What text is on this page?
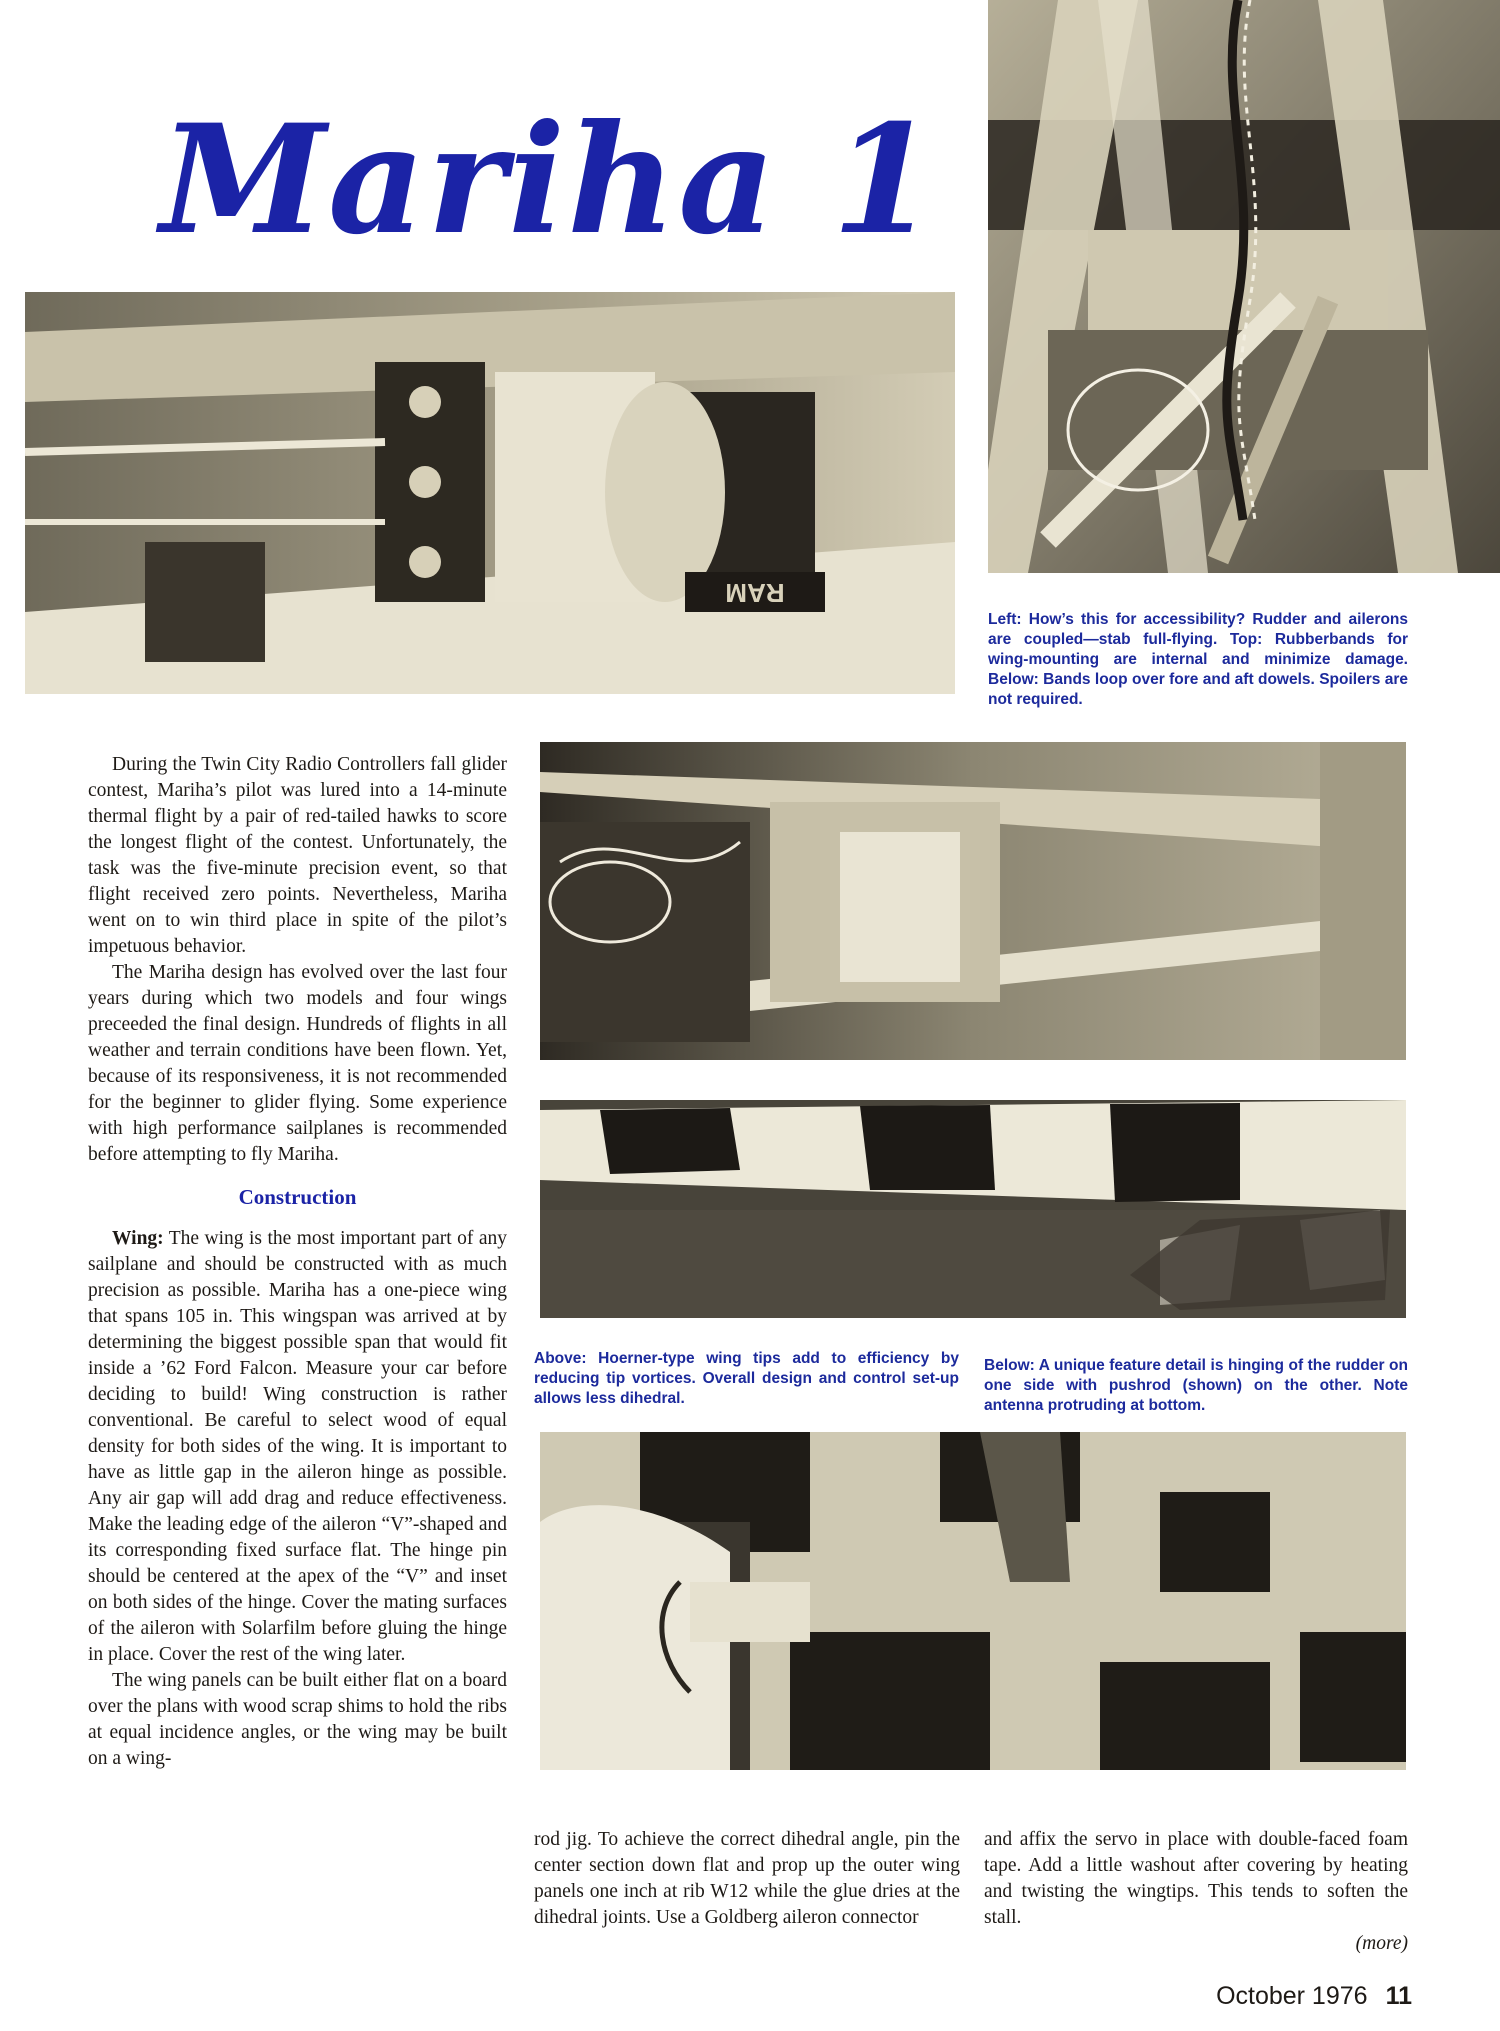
Mariha 1
RAM

Left: How’s this for accessibility? Rudder and ailerons are coupled—stab full-flying. Top: Rubberbands for wing-mounting are internal and minimize damage. Below: Bands loop over fore and aft dowels. Spoilers are not required.

Above: Hoerner-type wing tips add to efficiency by reducing tip vortices. Overall design and control set-up allows less dihedral.

Below: A unique feature detail is hinging of the rudder on one side with pushrod (shown) on the other. Note antenna protruding at bottom.

During the Twin City Radio Controllers fall glider contest, Mariha’s pilot was lured into a 14-minute thermal flight by a pair of red-tailed hawks to score the longest flight of the contest. Unfortunately, the task was the five-minute precision event, so that flight received zero points. Nevertheless, Mariha went on to win third place in spite of the pilot’s impetuous behavior.

The Mariha design has evolved over the last four years during which two models and four wings preceeded the final design. Hundreds of flights in all weather and terrain conditions have been flown. Yet, because of its responsiveness, it is not recommended for the beginner to glider flying. Some experience with high performance sailplanes is recommended before attempting to fly Mariha.

Construction

Wing: The wing is the most important part of any sailplane and should be constructed with as much precision as possible. Mariha has a one-piece wing that spans 105 in. This wingspan was arrived at by determining the biggest possible span that would fit inside a ’62 Ford Falcon. Measure your car before deciding to build! Wing construction is rather conventional. Be careful to select wood of equal density for both sides of the wing. It is important to have as little gap in the aileron hinge as possible. Any air gap will add drag and reduce effectiveness. Make the leading edge of the aileron “V”-shaped and its corresponding fixed surface flat. The hinge pin should be centered at the apex of the “V” and inset on both sides of the hinge. Cover the mating surfaces of the aileron with Solarfilm before gluing the hinge in place. Cover the rest of the wing later.

The wing panels can be built either flat on a board over the plans with wood scrap shims to hold the ribs at equal incidence angles, or the wing may be built on a wing-

rod jig. To achieve the correct dihedral angle, pin the center section down flat and prop up the outer wing panels one inch at rib W12 while the glue dries at the dihedral joints. Use a Goldberg aileron connector

and affix the servo in place with double-faced foam tape. Add a little washout after covering by heating and twisting the wingtips. This tends to soften the stall.

(more)
October 1976 11
